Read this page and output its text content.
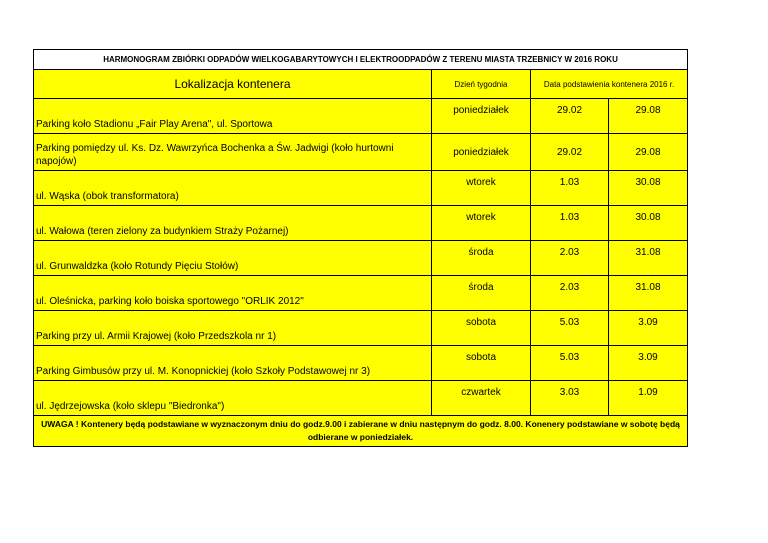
HARMONOGRAM ZBIÓRKI ODPADÓW WIELKOGABARYTOWYCH I ELEKTROODPADÓW Z TERENU MIASTA TRZEBNICY W 2016 ROKU			
Lokalizacja kontenera	Dzień tygodnia	Data podstawienia kontenera 2016 r.	
Parking koło Stadionu „Fair Play Arena", ul. Sportowa	poniedziałek	29.02	29.08
Parking pomiędzy ul. Ks. Dz. Wawrzyńca Bochenka a Św. Jadwigi (koło hurtowni napojów)	poniedziałek	29.02	29.08
ul. Wąska (obok transformatora)	wtorek	1.03	30.08
ul. Wałowa (teren zielony za budynkiem Straży Pożarnej)	wtorek	1.03	30.08
ul. Grunwaldzka (koło Rotundy Pięciu Stołów)	środa	2.03	31.08
ul. Oleśnicka, parking koło boiska sportowego "ORLIK 2012"	środa	2.03	31.08
Parking przy ul. Armii Krajowej (koło Przedszkola nr 1)	sobota	5.03	3.09
Parking Gimbusów przy ul. M. Konopnickiej (koło Szkoły Podstawowej nr 3)	sobota	5.03	3.09
ul. Jędrzejowska (koło sklepu "Biedronka")	czwartek	3.03	1.09
UWAGA ! Kontenery będą podstawiane w wyznaczonym dniu do godz.9.00 i zabierane w dniu następnym do godz. 8.00. Konenery podstawiane w sobotę będą odbierane w poniedziałek.			
